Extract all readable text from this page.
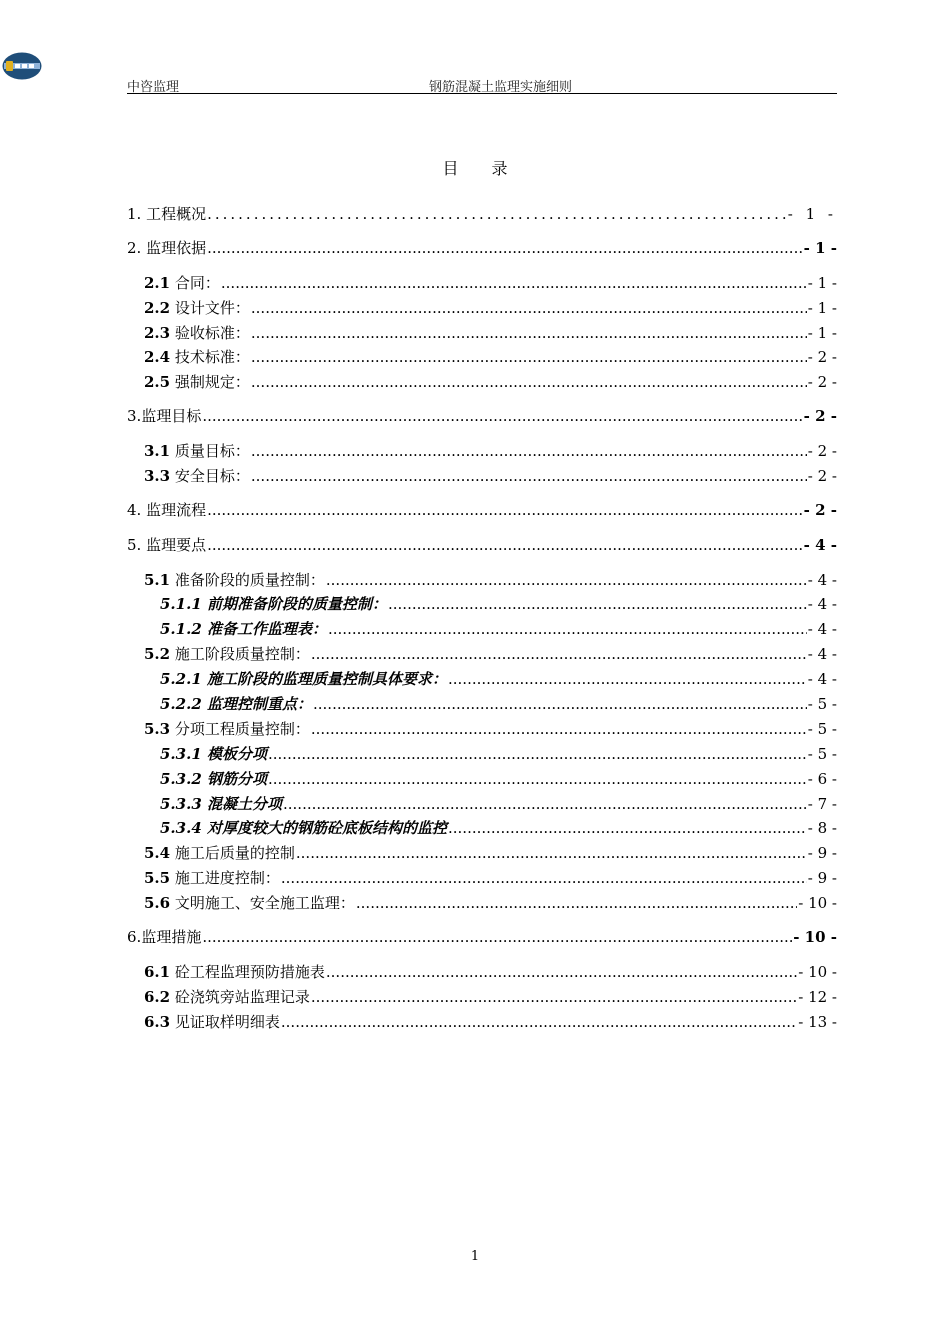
中咨监理	钢筋混凝土监理实施细则
目 录
1. 工程概况 .....	- 1 -
2. 监理依据 .....	- 1 -
2.1 合同： .....	- 1 -
2.2 设计文件： .....	- 1 -
2.3 验收标准： .....	- 1 -
2.4 技术标准： .....	- 2 -
2.5 强制规定： .....	- 2 -
3.监理目标 .....	- 2 -
3.1 质量目标： .....	- 2 -
3.3 安全目标： .....	- 2 -
4. 监理流程 .....	- 2 -
5. 监理要点 .....	- 4 -
5.1 准备阶段的质量控制： .....	- 4 -
5.1.1 前期准备阶段的质量控制： .....	- 4 -
5.1.2 准备工作监理表： .....	- 4 -
5.2 施工阶段质量控制： .....	- 4 -
5.2.1 施工阶段的监理质量控制具体要求： .....	- 4 -
5.2.2 监理控制重点： .....	- 5 -
5.3 分项工程质量控制： .....	- 5 -
5.3.1 模板分项 .....	- 5 -
5.3.2 钢筋分项 .....	- 6 -
5.3.3 混凝土分项 .....	- 7 -
5.3.4 对厚度较大的钢筋砼底板结构的监控 .....	- 8 -
5.4 施工后质量的控制 .....	- 9 -
5.5 施工进度控制： .....	- 9 -
5.6 文明施工、安全施工监理： .....	- 10 -
6.监理措施 .....	- 10 -
6.1 砼工程监理预防措施表 .....	- 10 -
6.2 砼浇筑旁站监理记录 .....	- 12 -
6.3 见证取样明细表 .....	- 13 -
1
